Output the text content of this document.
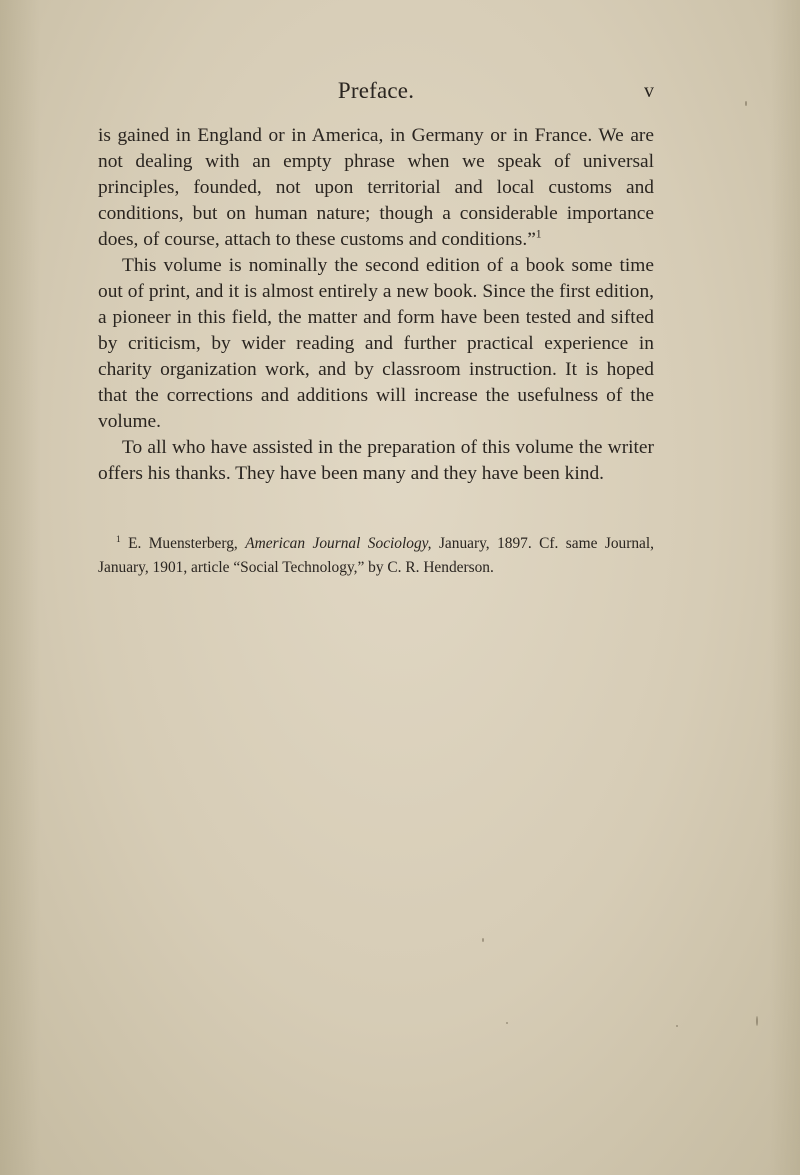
Preface.	v

is gained in England or in America, in Germany or in France. We are not dealing with an empty phrase when we speak of universal principles, founded, not upon territorial and local customs and conditions, but on human nature; though a considerable importance does, of course, attach to these customs and conditions.”$^1$

This volume is nominally the second edition of a book some time out of print, and it is almost entirely a new book. Since the first edition, a pioneer in this field, the matter and form have been tested and sifted by criticism, by wider reading and further practical experience in charity organization work, and by classroom instruction. It is hoped that the corrections and additions will increase the usefulness of the volume.

To all who have assisted in the preparation of this volume the writer offers his thanks. They have been many and they have been kind.

$^1$ E. Muensterberg, American Journal Sociology, January, 1897. Cf. same Journal, January, 1901, article “Social Technology,” by C. R. Henderson.
